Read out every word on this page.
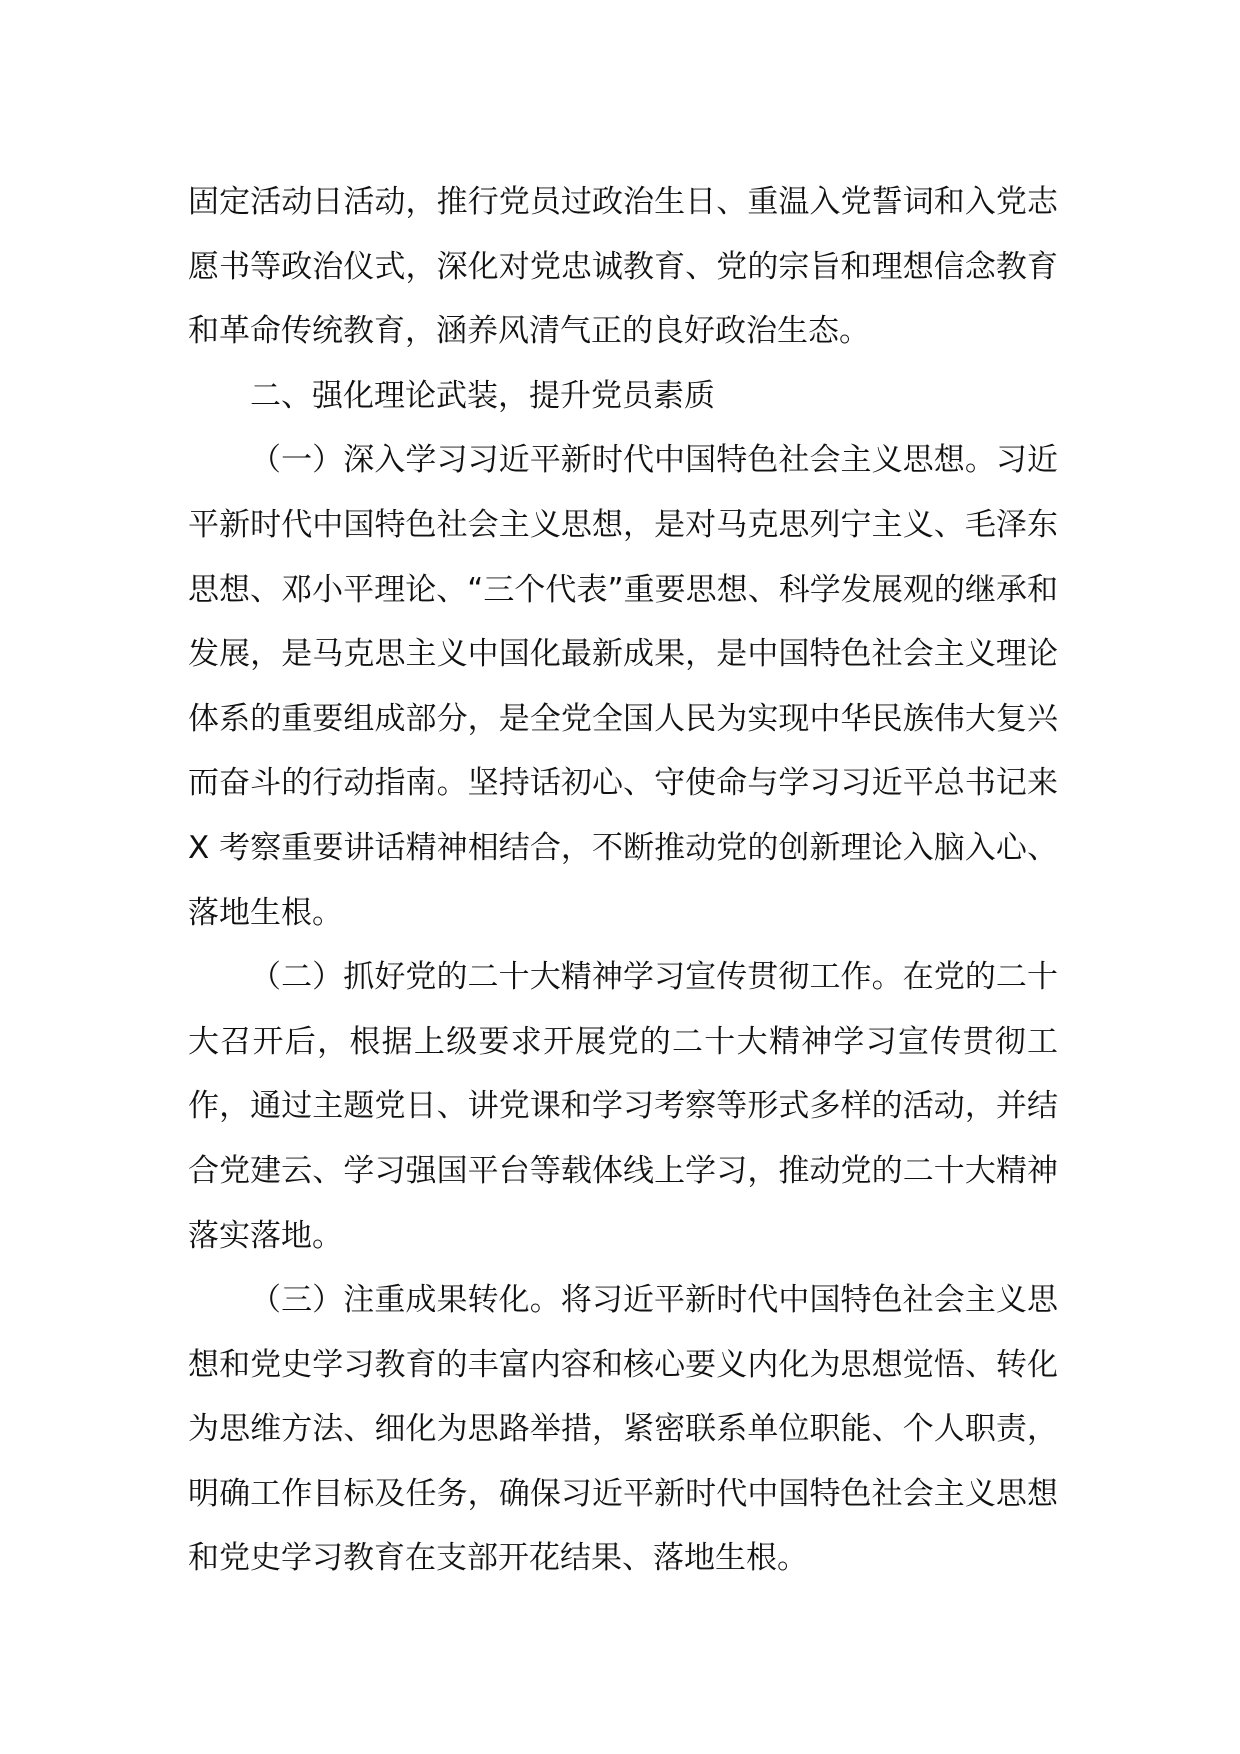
固定活动日活动，推行党员过政治生日、重温入党誓词和入党志愿书等政治仪式，深化对党忠诚教育、党的宗旨和理想信念教育和革命传统教育，涵养风清气正的良好政治生态。

二、强化理论武装，提升党员素质

（一）深入学习习近平新时代中国特色社会主义思想。习近平新时代中国特色社会主义思想，是对马克思列宁主义、毛泽东思想、邓小平理论、“三个代表”重要思想、科学发展观的继承和发展，是马克思主义中国化最新成果，是中国特色社会主义理论体系的重要组成部分，是全党全国人民为实现中华民族伟大复兴而奋斗的行动指南。坚持话初心、守使命与学习习近平总书记来 X 考察重要讲话精神相结合，不断推动党的创新理论入脑入心、落地生根。

（二）抓好党的二十大精神学习宣传贯彻工作。在党的二十大召开后，根据上级要求开展党的二十大精神学习宣传贯彻工作，通过主题党日、讲党课和学习考察等形式多样的活动，并结合党建云、学习强国平台等载体线上学习，推动党的二十大精神落实落地。

（三）注重成果转化。将习近平新时代中国特色社会主义思想和党史学习教育的丰富内容和核心要义内化为思想觉悟、转化为思维方法、细化为思路举措，紧密联系单位职能、个人职责，明确工作目标及任务，确保习近平新时代中国特色社会主义思想和党史学习教育在支部开花结果、落地生根。
